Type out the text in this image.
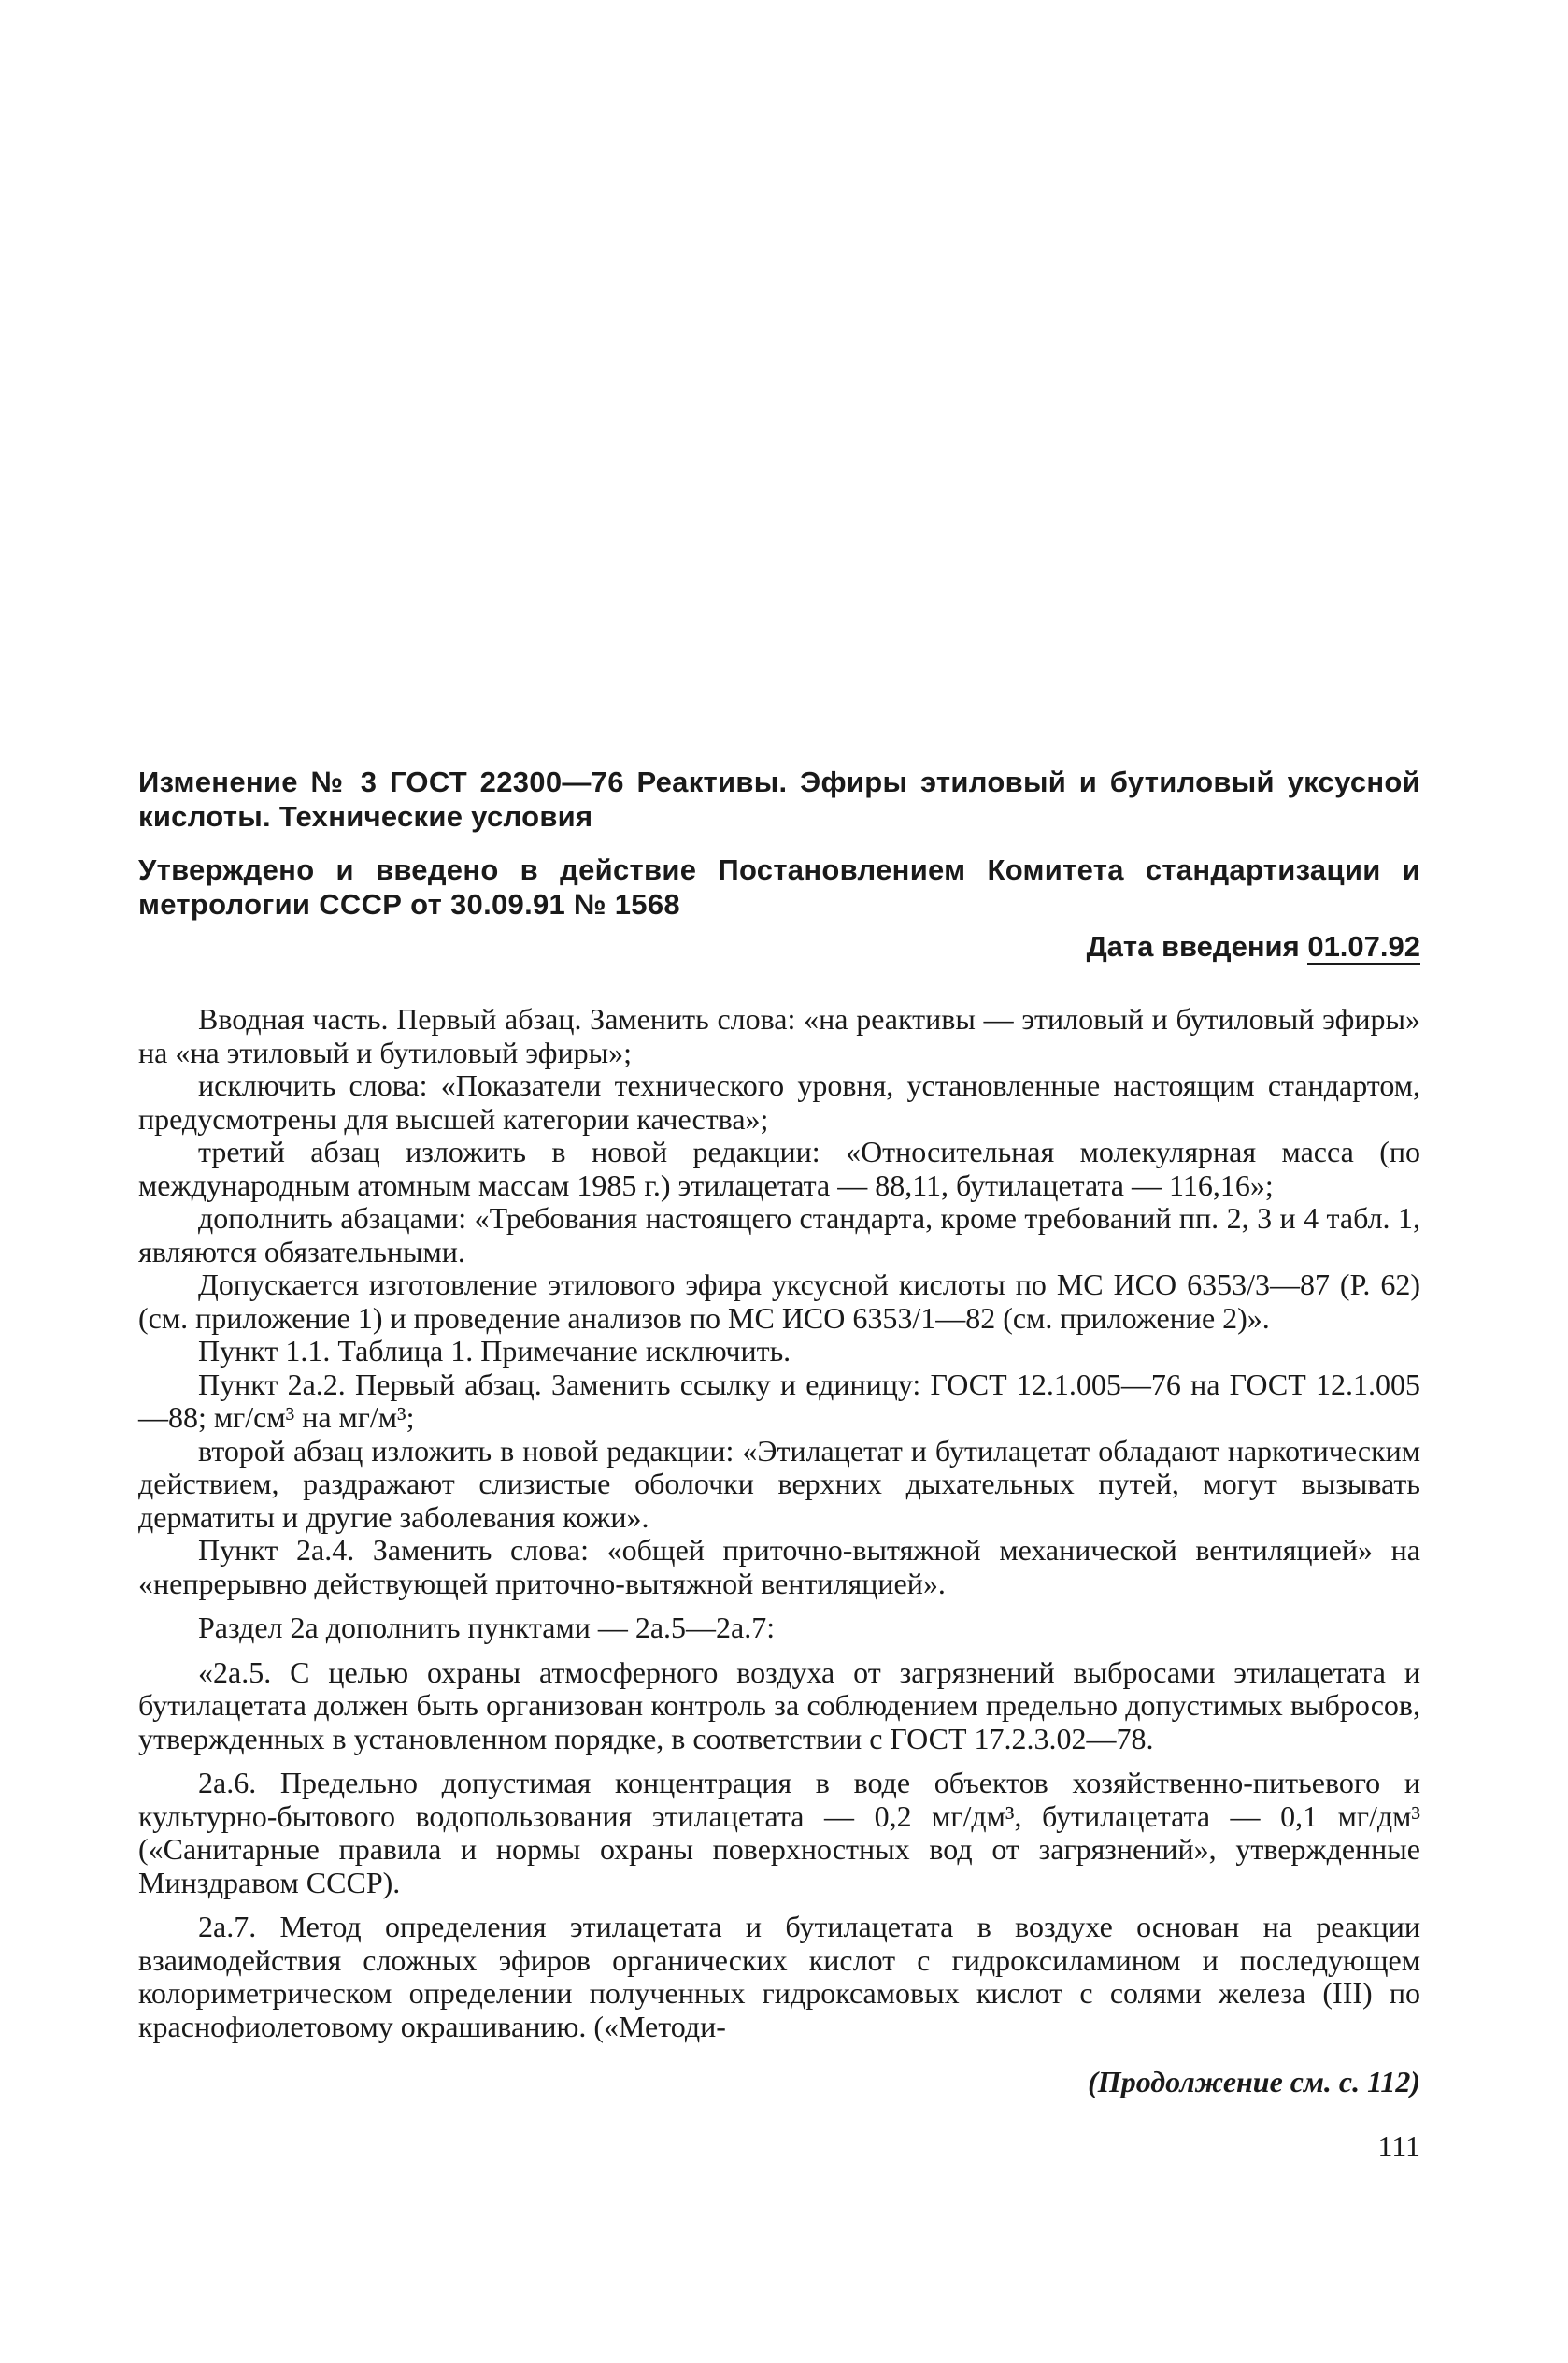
Изменение № 3 ГОСТ 22300—76 Реактивы. Эфиры этиловый и бутиловый уксусной кислоты. Технические условия

Утверждено и введено в действие Постановлением Комитета стандартизации и метрологии СССР от 30.09.91 № 1568

Дата введения 01.07.92

Вводная часть. Первый абзац. Заменить слова: «на реактивы — этиловый и бутиловый эфиры» на «на этиловый и бутиловый эфиры»;

исключить слова: «Показатели технического уровня, установленные настоящим стандартом, предусмотрены для высшей категории качества»;

третий абзац изложить в новой редакции: «Относительная молекулярная масса (по международным атомным массам 1985 г.) этилацетата — 88,11, бутилацетата — 116,16»;

дополнить абзацами: «Требования настоящего стандарта, кроме требований пп. 2, 3 и 4 табл. 1, являются обязательными.

Допускается изготовление этилового эфира уксусной кислоты по МС ИСО 6353/3—87 (Р. 62) (см. приложение 1) и проведение анализов по МС ИСО 6353/1—82 (см. приложение 2)».

Пункт 1.1. Таблица 1. Примечание исключить.

Пункт 2а.2. Первый абзац. Заменить ссылку и единицу: ГОСТ 12.1.005—76 на ГОСТ 12.1.005—88; мг/см³ на мг/м³;

второй абзац изложить в новой редакции: «Этилацетат и бутилацетат обладают наркотическим действием, раздражают слизистые оболочки верхних дыхательных путей, могут вызывать дерматиты и другие заболевания кожи».

Пункт 2а.4. Заменить слова: «общей приточно-вытяжной механической вентиляцией» на «непрерывно действующей приточно-вытяжной вентиляцией».

Раздел 2а дополнить пунктами — 2а.5—2а.7:

«2а.5. С целью охраны атмосферного воздуха от загрязнений выбросами этилацетата и бутилацетата должен быть организован контроль за соблюдением предельно допустимых выбросов, утвержденных в установленном порядке, в соответствии с ГОСТ 17.2.3.02—78.

2а.6. Предельно допустимая концентрация в воде объектов хозяйственно-питьевого и культурно-бытового водопользования этилацетата — 0,2 мг/дм³, бутилацетата — 0,1 мг/дм³ («Санитарные правила и нормы охраны поверхностных вод от загрязнений», утвержденные Минздравом СССР).

2а.7. Метод определения этилацетата и бутилацетата в воздухе основан на реакции взаимодействия сложных эфиров органических кислот с гидроксиламином и последующем колориметрическом определении полученных гидроксамовых кислот с солями железа (III) по краснофиолетовому окрашиванию. («Методи-

(Продолжение см. с. 112)

111
